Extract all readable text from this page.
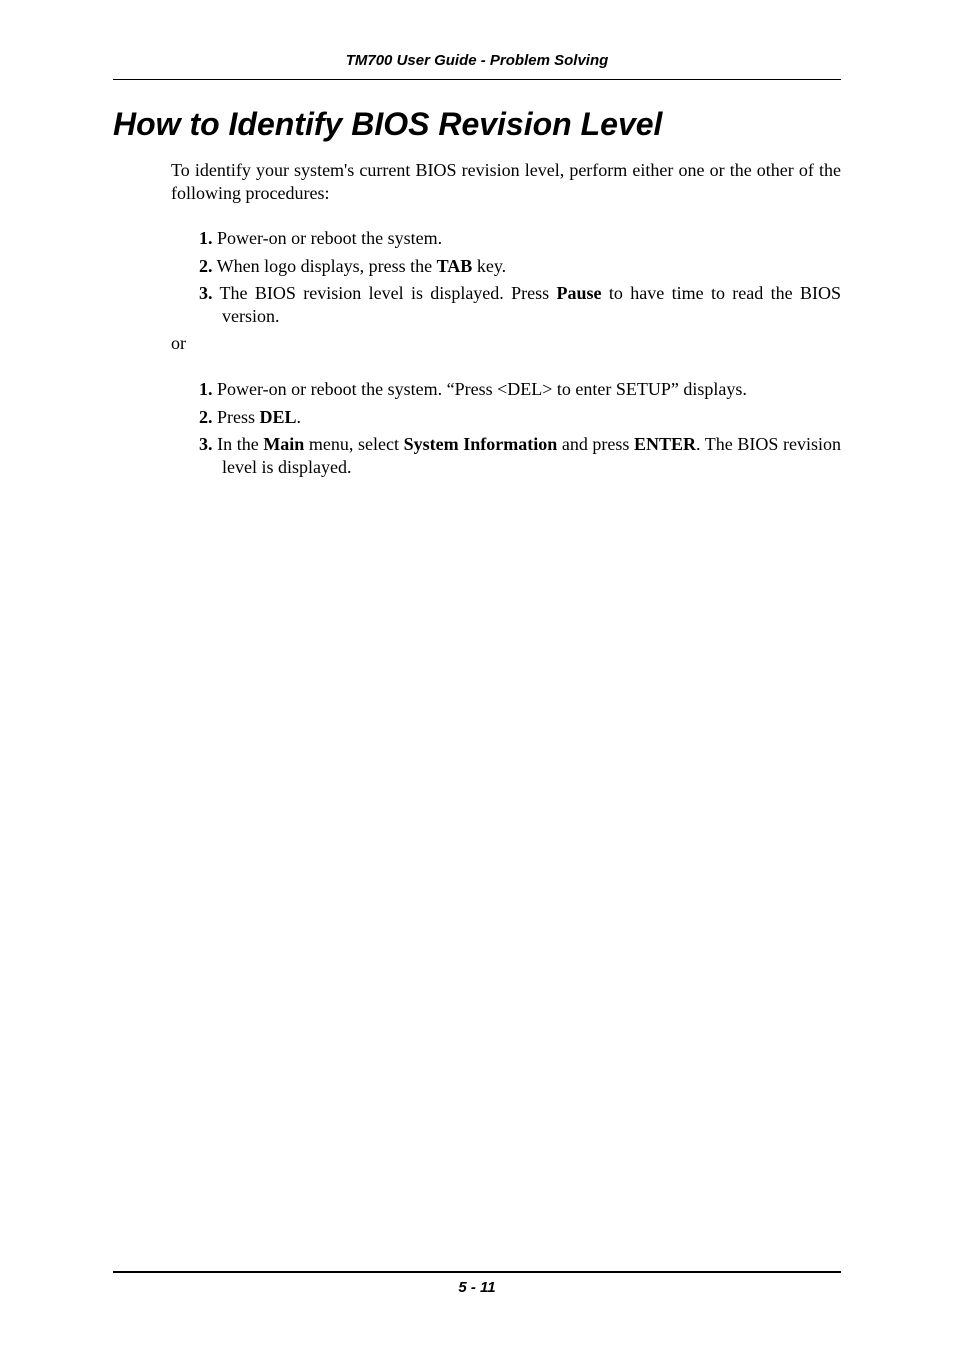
TM700 User Guide - Problem Solving
How to Identify BIOS Revision Level

To identify your system's current BIOS revision level, perform either one or the other of the following procedures:

1. Power-on or reboot the system.
2. When logo displays, press the TAB key.
3. The BIOS revision level is displayed. Press Pause to have time to read the BIOS version.

or

1. Power-on or reboot the system. “Press <DEL> to enter SETUP” displays.
2. Press DEL.
3. In the Main menu, select System Information and press ENTER. The BIOS revision level is displayed.
5 - 11
